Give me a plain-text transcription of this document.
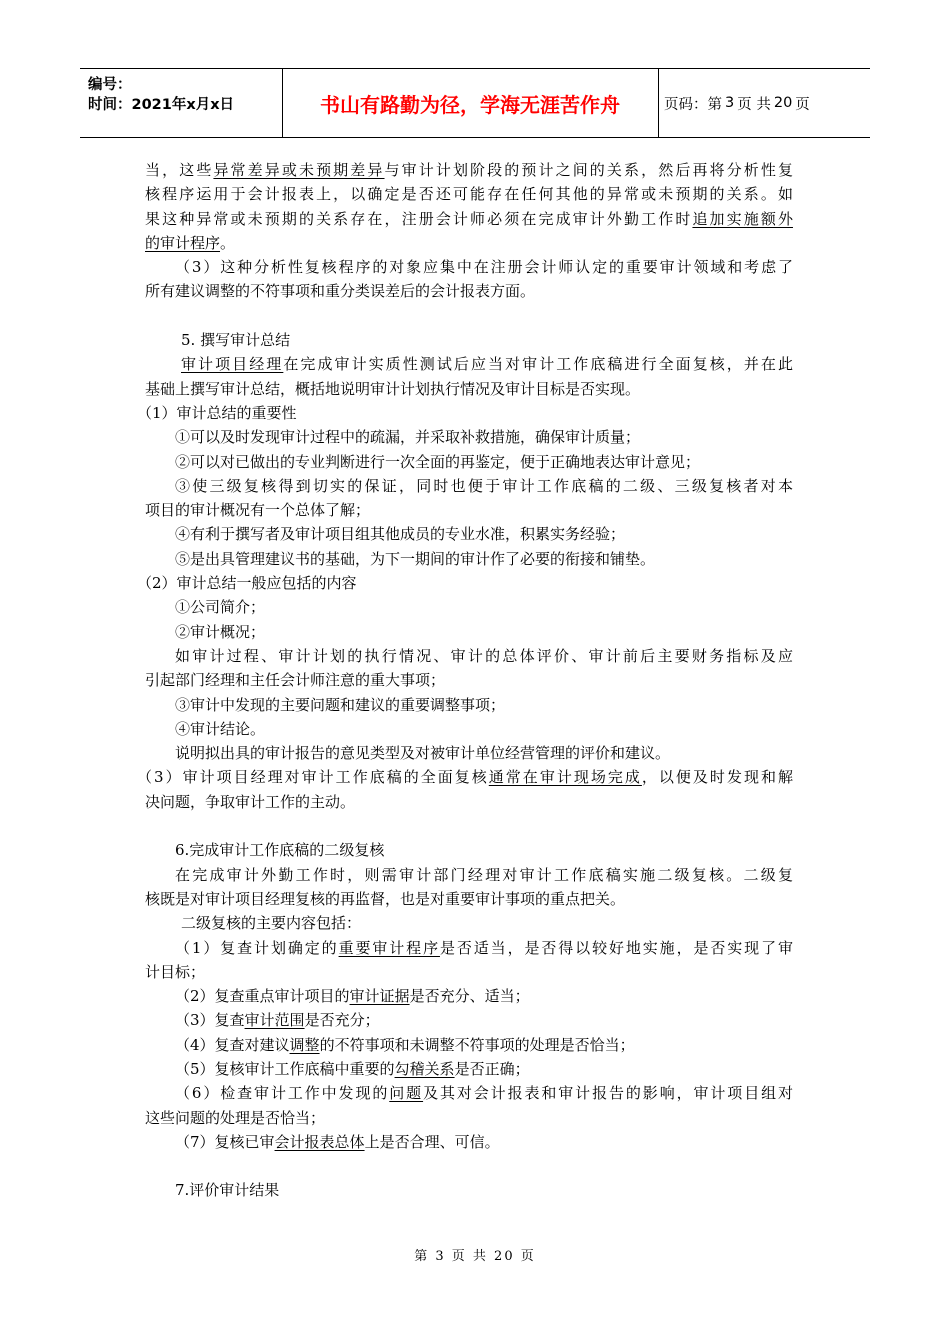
编号：
时间：2021年x月x日	书山有路勤为径，学海无涯苦作舟	页码：第 3 页 共 20 页
当，这些异常差异或未预期差异与审计计划阶段的预计之间的关系，然后再将分析性复
核程序运用于会计报表上，以确定是否还可能存在任何其他的异常或未预期的关系。如
果这种异常或未预期的关系存在，注册会计师必须在完成审计外勤工作时追加实施额外
的审计程序。
（3）这种分析性复核程序的对象应集中在注册会计师认定的重要审计领域和考虑了
所有建议调整的不符事项和重分类误差后的会计报表方面。
5. 撰写审计总结
审计项目经理在完成审计实质性测试后应当对审计工作底稿进行全面复核，并在此
基础上撰写审计总结，概括地说明审计计划执行情况及审计目标是否实现。
（1）审计总结的重要性
①可以及时发现审计过程中的疏漏，并采取补救措施，确保审计质量；
②可以对已做出的专业判断进行一次全面的再鉴定，便于正确地表达审计意见；
③使三级复核得到切实的保证，同时也便于审计工作底稿的二级、三级复核者对本
项目的审计概况有一个总体了解；
④有利于撰写者及审计项目组其他成员的专业水准，积累实务经验；
⑤是出具管理建议书的基础，为下一期间的审计作了必要的衔接和铺垫。
（2）审计总结一般应包括的内容
①公司简介；
②审计概况；
如审计过程、审计计划的执行情况、审计的总体评价、审计前后主要财务指标及应
引起部门经理和主任会计师注意的重大事项；
③审计中发现的主要问题和建议的重要调整事项；
④审计结论。
说明拟出具的审计报告的意见类型及对被审计单位经营管理的评价和建议。
（3）审计项目经理对审计工作底稿的全面复核通常在审计现场完成，以便及时发现和解
决问题，争取审计工作的主动。
6.完成审计工作底稿的二级复核
在完成审计外勤工作时，则需审计部门经理对审计工作底稿实施二级复核。二级复
核既是对审计项目经理复核的再监督，也是对重要审计事项的重点把关。
二级复核的主要内容包括：
（1）复查计划确定的重要审计程序是否适当，是否得以较好地实施，是否实现了审
计目标；
（2）复查重点审计项目的审计证据是否充分、适当；
（3）复查审计范围是否充分；
（4）复查对建议调整的不符事项和未调整不符事项的处理是否恰当；
（5）复核审计工作底稿中重要的勾稽关系是否正确；
（6）检查审计工作中发现的问题及其对会计报表和审计报告的影响，审计项目组对
这些问题的处理是否恰当；
（7）复核已审会计报表总体上是否合理、可信。
7.评价审计结果
第 3 页 共 20 页
